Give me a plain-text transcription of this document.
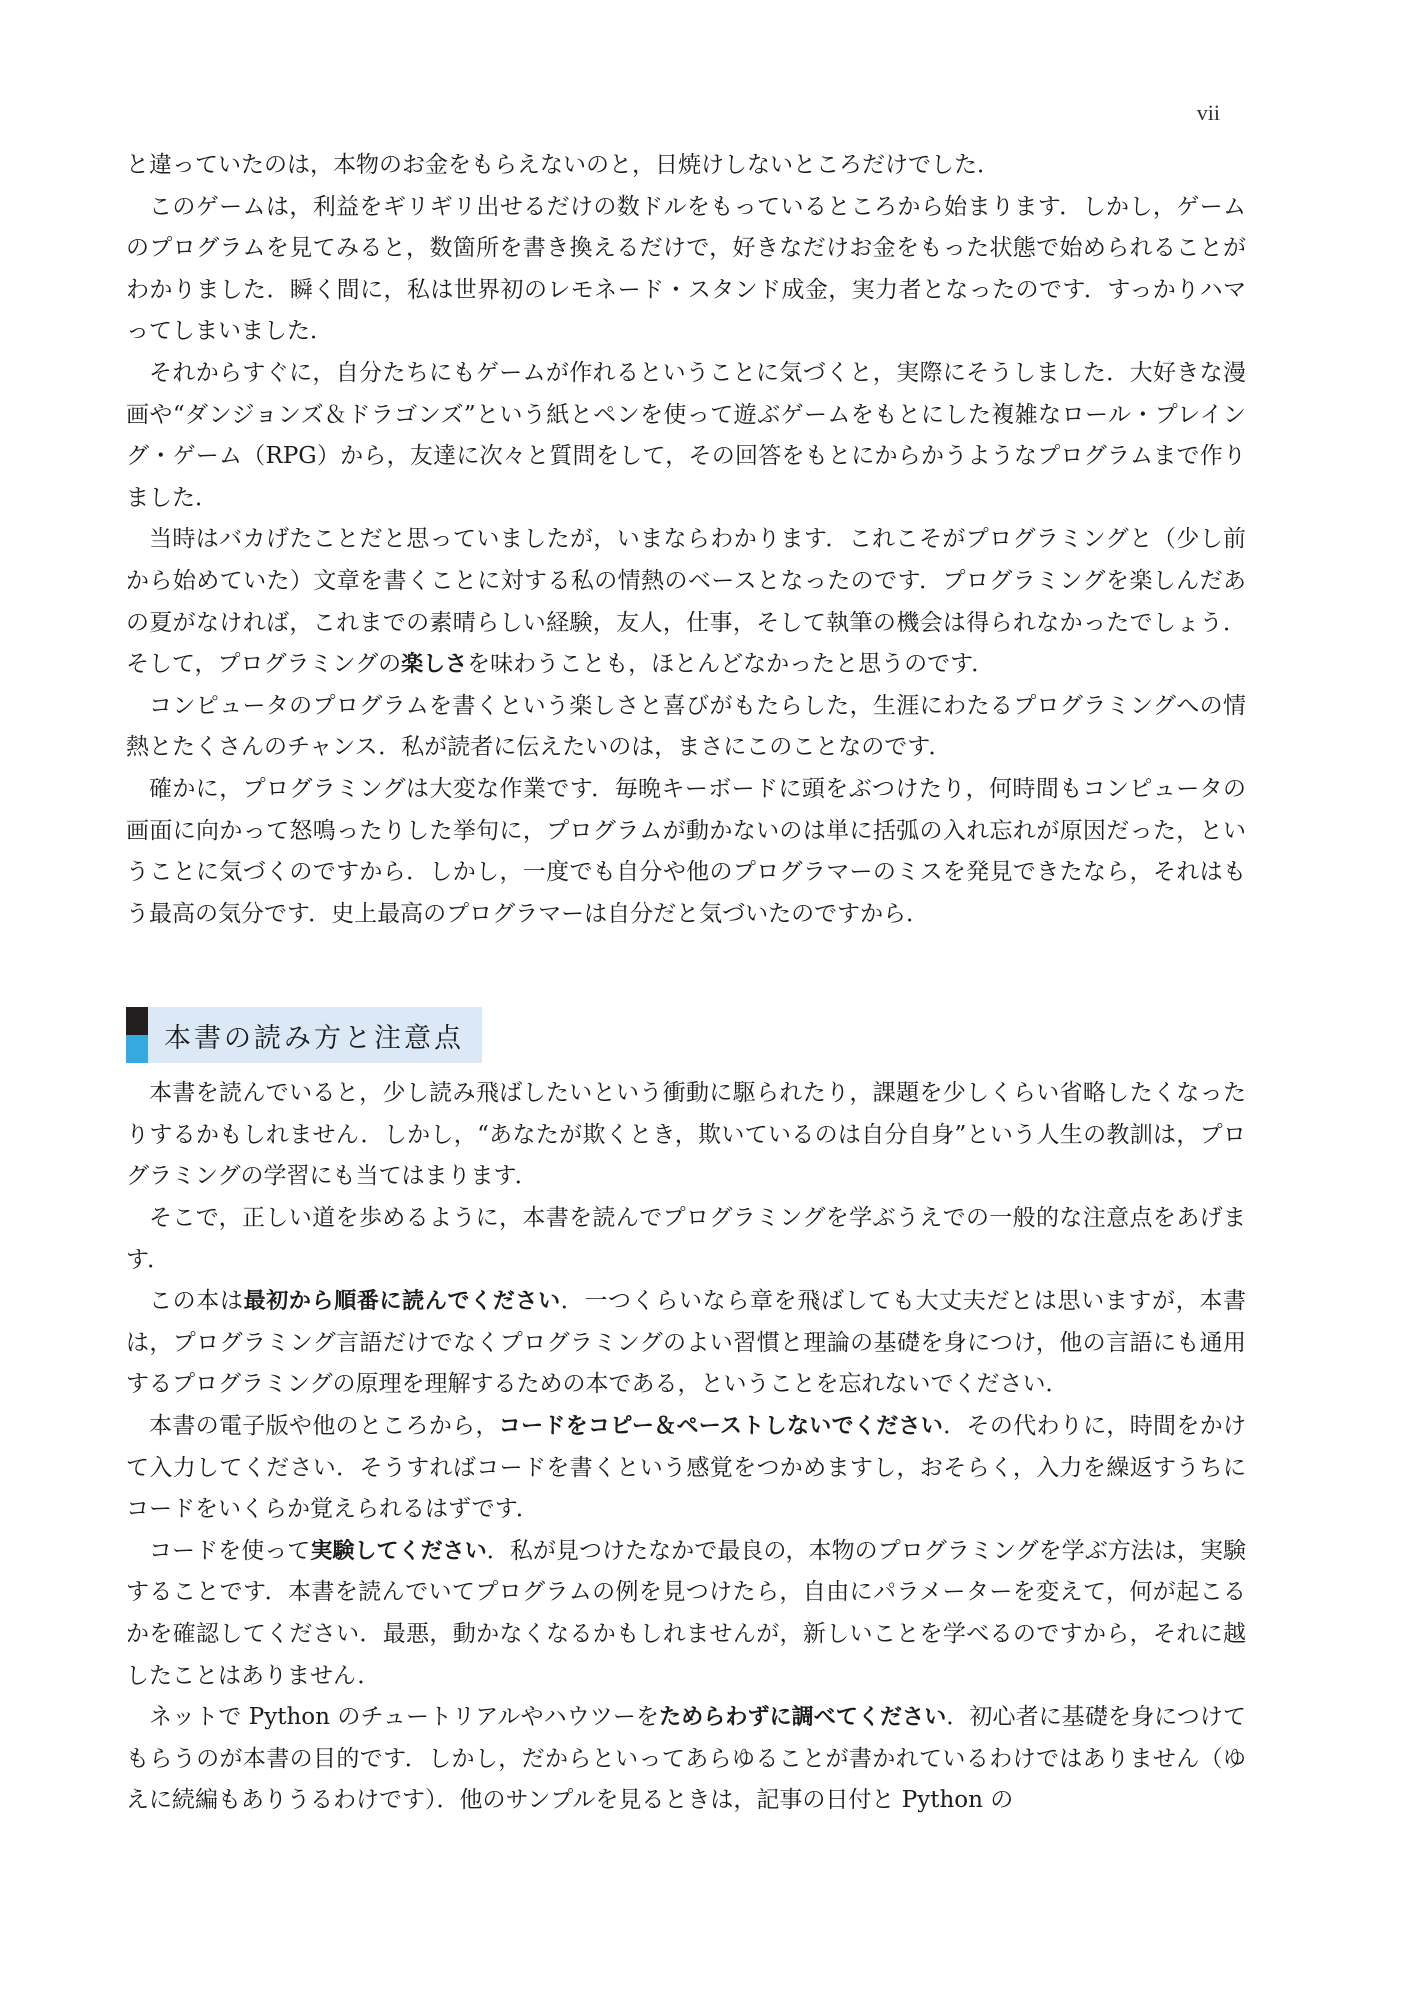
vii

と違っていたのは，本物のお金をもらえないのと，日焼けしないところだけでした．

このゲームは，利益をギリギリ出せるだけの数ドルをもっているところから始まります．しかし，ゲームのプログラムを見てみると，数箇所を書き換えるだけで，好きなだけお金をもった状態で始められることがわかりました．瞬く間に，私は世界初のレモネード・スタンド成金，実力者となったのです．すっかりハマってしまいました．

それからすぐに，自分たちにもゲームが作れるということに気づくと，実際にそうしました．大好きな漫画や“ダンジョンズ＆ドラゴンズ”という紙とペンを使って遊ぶゲームをもとにした複雑なロール・プレイング・ゲーム（RPG）から，友達に次々と質問をして，その回答をもとにからかうようなプログラムまで作りました．

当時はバカげたことだと思っていましたが，いまならわかります．これこそがプログラミングと（少し前から始めていた）文章を書くことに対する私の情熱のベースとなったのです．プログラミングを楽しんだあの夏がなければ，これまでの素晴らしい経験，友人，仕事，そして執筆の機会は得られなかったでしょう．そして，プログラミングの楽しさを味わうことも，ほとんどなかったと思うのです．

コンピュータのプログラムを書くという楽しさと喜びがもたらした，生涯にわたるプログラミングへの情熱とたくさんのチャンス．私が読者に伝えたいのは，まさにこのことなのです．

確かに，プログラミングは大変な作業です．毎晩キーボードに頭をぶつけたり，何時間もコンピュータの画面に向かって怒鳴ったりした挙句に，プログラムが動かないのは単に括弧の入れ忘れが原因だった，ということに気づくのですから．しかし，一度でも自分や他のプログラマーのミスを発見できたなら，それはもう最高の気分です．史上最高のプログラマーは自分だと気づいたのですから．

本書の読み方と注意点

本書を読んでいると，少し読み飛ばしたいという衝動に駆られたり，課題を少しくらい省略したくなったりするかもしれません．しかし，“あなたが欺くとき，欺いているのは自分自身”という人生の教訓は，プログラミングの学習にも当てはまります．

そこで，正しい道を歩めるように，本書を読んでプログラミングを学ぶうえでの一般的な注意点をあげます．

この本は最初から順番に読んでください．一つくらいなら章を飛ばしても大丈夫だとは思いますが，本書は，プログラミング言語だけでなくプログラミングのよい習慣と理論の基礎を身につけ，他の言語にも通用するプログラミングの原理を理解するための本である，ということを忘れないでください．

本書の電子版や他のところから，コードをコピー＆ペーストしないでください．その代わりに，時間をかけて入力してください．そうすればコードを書くという感覚をつかめますし，おそらく，入力を繰返すうちにコードをいくらか覚えられるはずです．

コードを使って実験してください．私が見つけたなかで最良の，本物のプログラミングを学ぶ方法は，実験することです．本書を読んでいてプログラムの例を見つけたら，自由にパラメーターを変えて，何が起こるかを確認してください．最悪，動かなくなるかもしれませんが，新しいことを学べるのですから，それに越したことはありません．

ネットで Python のチュートリアルやハウツーをためらわずに調べてください．初心者に基礎を身につけてもらうのが本書の目的です．しかし，だからといってあらゆることが書かれているわけではありません（ゆえに続編もありうるわけです）．他のサンプルを見るときは，記事の日付と Python の
